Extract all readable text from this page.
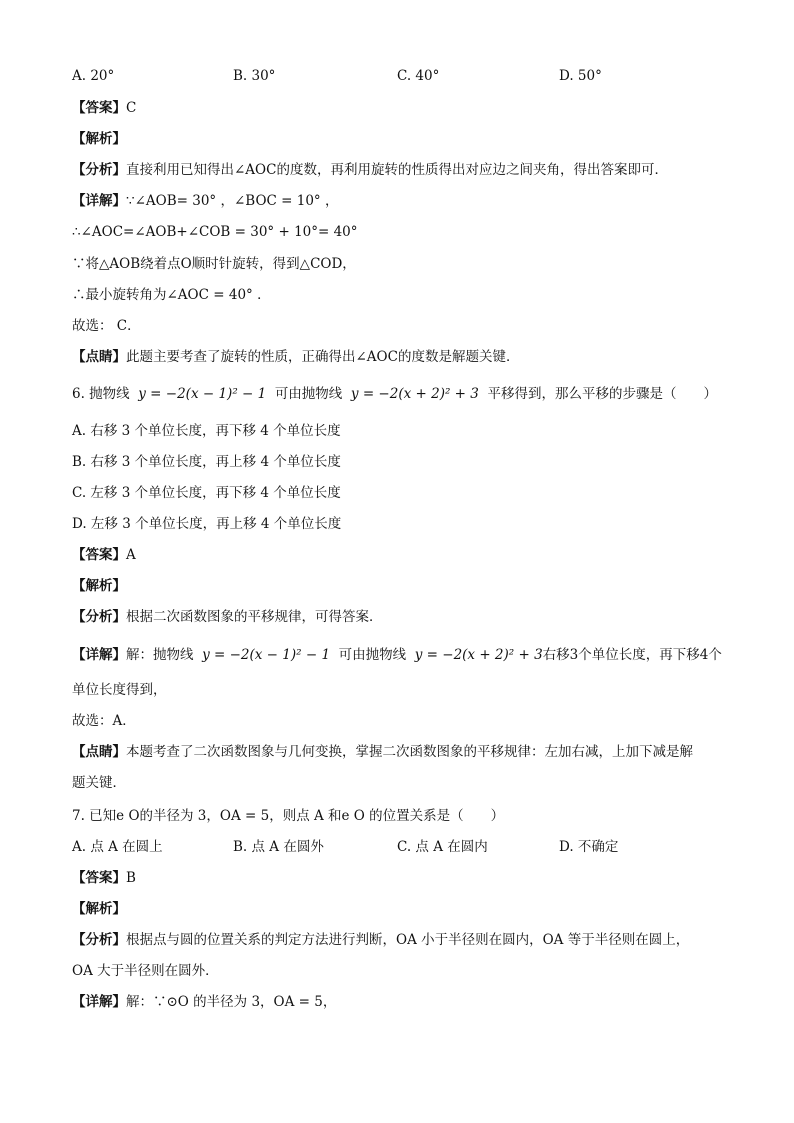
A. 20°	B. 30°	C. 40°	D. 50°
【答案】C
【解析】
【分析】直接利用已知得出∠AOC的度数，再利用旋转的性质得出对应边之间夹角，得出答案即可．
【详解】∵∠AOB= 30° ，∠BOC = 10° ，
∴∠AOC=∠AOB+∠COB = 30° + 10°= 40°
∵将△AOB绕着点O顺时针旋转，得到△COD，
∴最小旋转角为∠AOC = 40° ．
故选： C．
【点睛】此题主要考查了旋转的性质，正确得出∠AOC的度数是解题关键．
6. 抛物线 y = −2(x − 1)² − 1 可由抛物线 y = −2(x + 2)² + 3 平移得到，那么平移的步骤是（　　）
A. 右移 3 个单位长度，再下移 4 个单位长度
B. 右移 3 个单位长度，再上移 4 个单位长度
C. 左移 3 个单位长度，再下移 4 个单位长度
D. 左移 3 个单位长度，再上移 4 个单位长度
【答案】A
【解析】
【分析】根据二次函数图象的平移规律，可得答案．
【详解】解：抛物线 y = −2(x − 1)² − 1 可由抛物线 y = −2(x + 2)² + 3右移3个单位长度，再下移4个
单位长度得到，
故选：A．
【点睛】本题考查了二次函数图象与几何变换，掌握二次函数图象的平移规律：左加右减，上加下减是解
题关键．
7. 已知e O的半径为 3，OA = 5，则点 A 和e O 的位置关系是（　　）
A. 点 A 在圆上	B. 点 A 在圆外	C. 点 A 在圆内	D. 不确定
【答案】B
【解析】
【分析】根据点与圆的位置关系的判定方法进行判断，OA 小于半径则在圆内，OA 等于半径则在圆上，
OA 大于半径则在圆外．
【详解】解：∵⊙O 的半径为 3，OA = 5，
